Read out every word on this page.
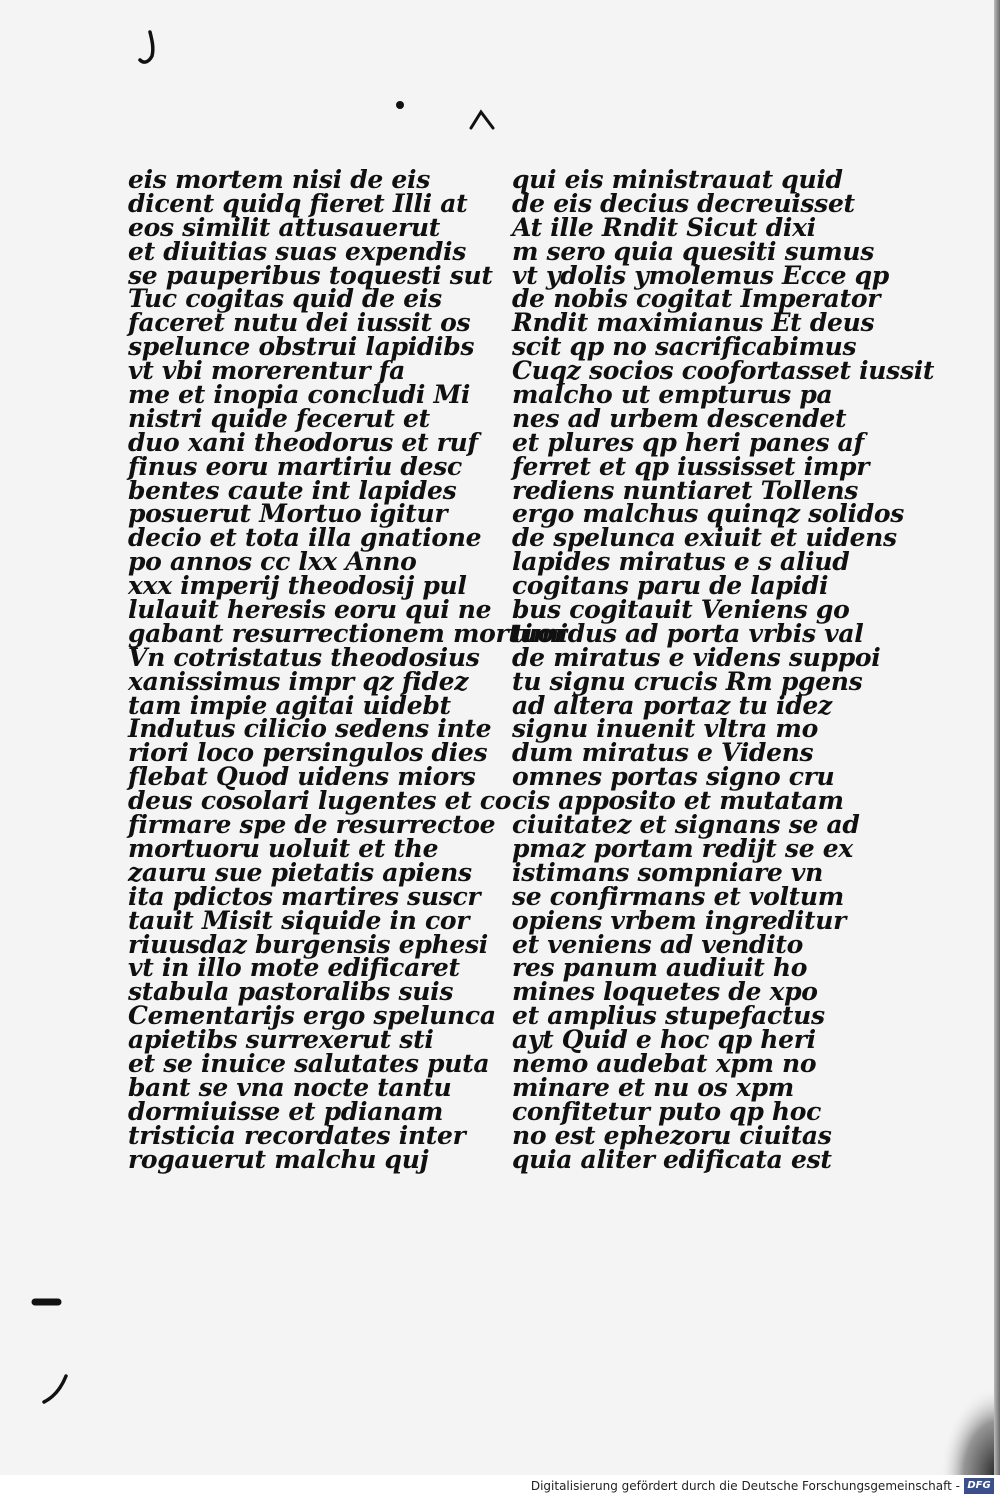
eis mortem nisi de eis
dicent quidq fieret Illi at
eos similit attusauerut
et diuitias suas expendis
se pauperibus toquesti sut
Tuc cogitas quid de eis
faceret nutu dei iussit os
spelunce obstrui lapidibs
vt vbi morerentur fa
me et inopia concludi Mi
nistri quide fecerut et
duo xani theodorus et ruf
finus eoru martiriu desc
bentes caute int lapides
posuerut Mortuo igitur
decio et tota illa gnatione
po annos cc lxx Anno
xxx imperij theodosij pul
lulauit heresis eoru qui ne
gabant resurrectionem mortuor
Vn cotristatus theodosius
xanissimus impr qz fidez
tam impie agitai uidebt
Indutus cilicio sedens inte
riori loco persingulos dies
flebat Quod uidens miors
deus cosolari lugentes et co
firmare spe de resurrectoe
mortuoru uoluit et the
zauru sue pietatis apiens
ita pdictos martires suscr
tauit Misit siquide in cor
riuusdaz burgensis ephesi
vt in illo mote edificaret
stabula pastoralibs suis
Cementarijs ergo spelunca
apietibs surrexerut sti
et se inuice salutates puta
bant se vna nocte tantu
dormiuisse et pdianam
tristicia recordates inter
rogauerut malchu quj
qui eis ministrauat quid
de eis decius decreuisset
At ille Rndit Sicut dixi
m sero quia quesiti sumus
vt ydolis ymolemus Ecce qp
de nobis cogitat Imperator
Rndit maximianus Et deus
scit qp no sacrificabimus
Cuqz socios coofortasset iussit
malcho ut empturus pa
nes ad urbem descendet
et plures qp heri panes af
ferret et qp iussisset impr
rediens nuntiaret Tollens
ergo malchus quinqz solidos
de spelunca exiuit et uidens
lapides miratus e s aliud
cogitans paru de lapidi
bus cogitauit Veniens go
timidus ad porta vrbis val
de miratus e videns suppoi
tu signu crucis Rm pgens
ad altera portaz tu idez
signu inuenit vltra mo
dum miratus e Videns
omnes portas signo cru
cis apposito et mutatam
ciuitatez et signans se ad
pmaz portam redijt se ex
istimans sompniare vn
se confirmans et voltum
opiens vrbem ingreditur
et veniens ad vendito
res panum audiuit ho
mines loquetes de xpo
et amplius stupefactus
ayt Quid e hoc qp heri
nemo audebat xpm no
minare et nu os xpm
confitetur puto qp hoc
no est ephezoru ciuitas
quia aliter edificata est
Digitalisierung gefördert durch die Deutsche Forschungsgemeinschaft - DFG
